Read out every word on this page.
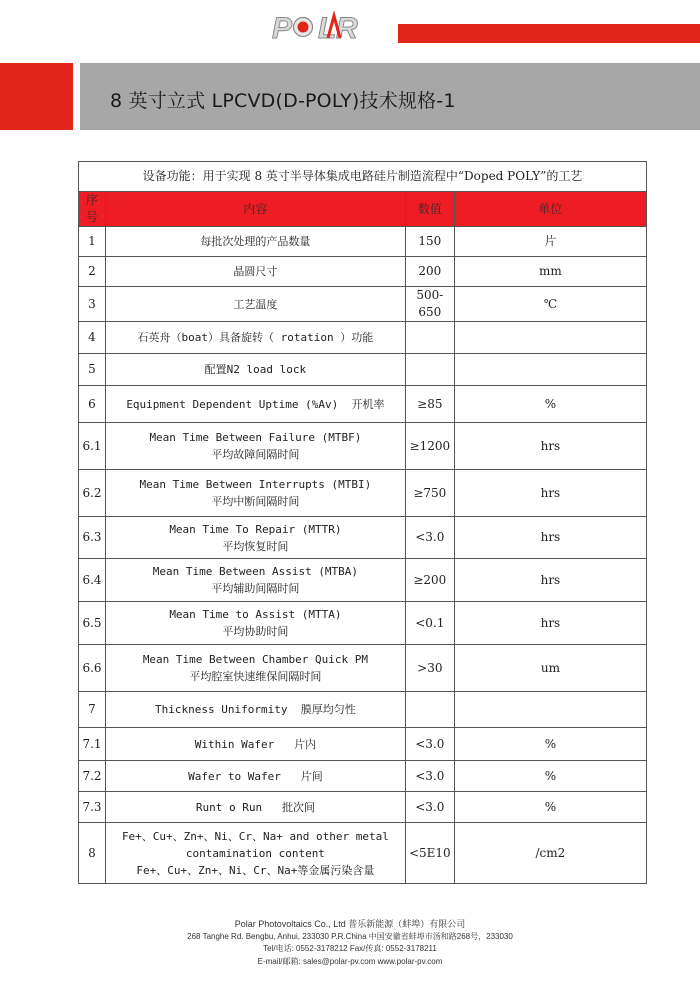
P L R
8 英寸立式 LPCVD(D-POLY)技术规格-1
设备功能：用于实现 8 英寸半导体集成电路硅片制造流程中“Doped POLY”的工艺			
序号	内容	数值	单位
1	每批次处理的产品数量	150	片
2	晶圆尺寸	200	mm
3	工艺温度	500-650	℃
4	石英舟（boat）具备旋转（ rotation ）功能		

5	配置N2 load lock		

6	Equipment Dependent Uptime (%Av)  开机率	≥85	%
6.1	Mean Time Between Failure (MTBF)
平均故障间隔时间	≥1200	hrs
6.2	Mean Time Between Interrupts (MTBI)
平均中断间隔时间	≥750	hrs
6.3	Mean Time To Repair (MTTR)
平均恢复时间	<3.0	hrs
6.4	Mean Time Between Assist (MTBA)
平均辅助间隔时间	≥200	hrs
6.5	Mean Time to Assist (MTTA)
平均协助时间	<0.1	hrs
6.6	Mean Time Between Chamber Quick PM
平均腔室快速维保间隔时间	>30	um
7	Thickness Uniformity  膜厚均匀性		

7.1	Within Wafer   片内	<3.0	%
7.2	Wafer to Wafer   片间	<3.0	%
7.3	Runt o Run   批次间	<3.0	%
8	Fe+、Cu+、Zn+、Ni、Cr、Na+ and other metal
contamination content
Fe+、Cu+、Zn+、Ni、Cr、Na+等金属污染含量	<5E10	/cm2
Polar Photovoltaics Co., Ltd 普乐新能源（蚌埠）有限公司
268 Tanghe Rd. Bengbu, Anhui, 233030 P.R.China 中国安徽省蚌埠市汤和路268号，233030
Tel/电话: 0552-3178212 Fax/传真: 0552-3178211
E-mail/邮箱: sales@polar-pv.com www.polar-pv.com
